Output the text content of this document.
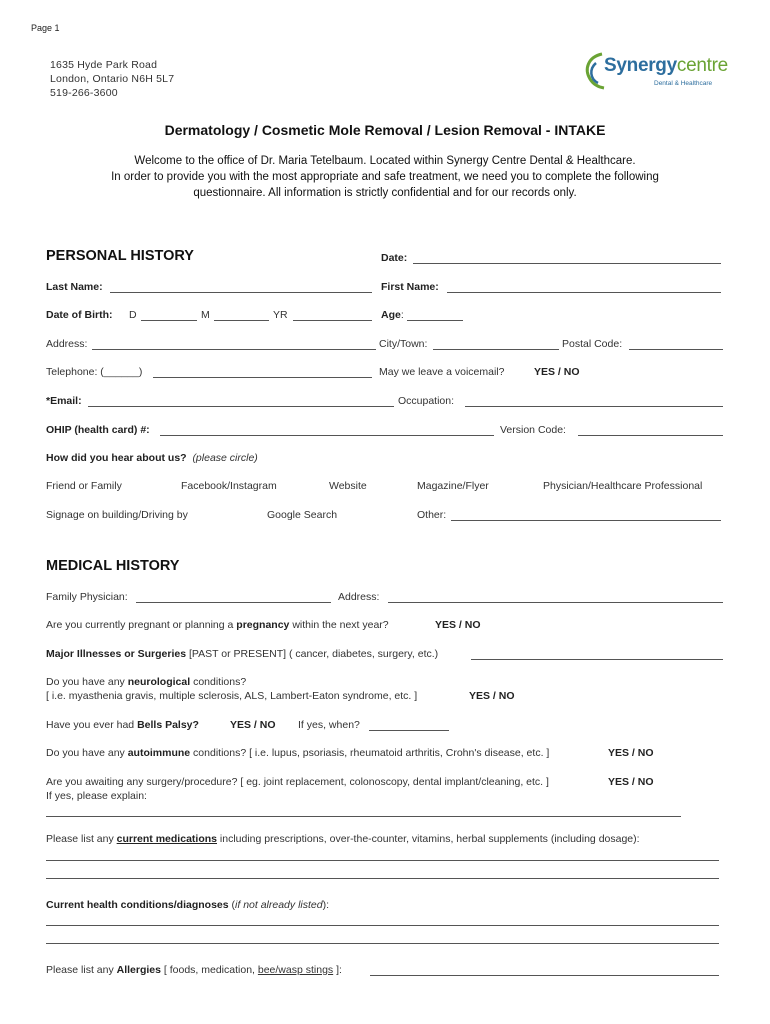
Page 1
1635 Hyde Park Road
London, Ontario N6H 5L7
519-266-3600
Synergycentre
Dental & Healthcare
Dermatology / Cosmetic Mole Removal / Lesion Removal - INTAKE
Welcome to the office of Dr. Maria Tetelbaum. Located within Synergy Centre Dental & Healthcare.
In order to provide you with the most appropriate and safe treatment, we need you to complete the following
questionnaire. All information is strictly confidential and for our records only.
PERSONAL HISTORY	Date:
Last Name:	First Name:
Date of Birth: D	M	YR	Age:
Address:	City/Town:	Postal Code:
Telephone: (______)	May we leave a voicemail?	YES / NO
*Email:	Occupation:
OHIP (health card) #:	Version Code:
How did you hear about us? (please circle)
Friend or Family	Facebook/Instagram	Website	Magazine/Flyer	Physician/Healthcare Professional
Signage on building/Driving by	Google Search	Other:
MEDICAL HISTORY
Family Physician:	Address:
Are you currently pregnant or planning a pregnancy within the next year?	YES / NO
Major Illnesses or Surgeries [PAST or PRESENT] ( cancer, diabetes, surgery, etc.)
Do you have any neurological conditions?
[ i.e. myasthenia gravis, multiple sclerosis, ALS, Lambert-Eaton syndrome, etc. ]	YES / NO
Have you ever had Bells Palsy?	YES / NO If yes, when?
Do you have any autoimmune conditions? [ i.e. lupus, psoriasis, rheumatoid arthritis, Crohn's disease, etc. ]	YES / NO
Are you awaiting any surgery/procedure? [ eg. joint replacement, colonoscopy, dental implant/cleaning, etc. ]	YES / NO
If yes, please explain:
Please list any current medications including prescriptions, over-the-counter, vitamins, herbal supplements (including dosage):
Current health conditions/diagnoses (if not already listed):
Please list any Allergies [ foods, medication, bee/wasp stings ]:
